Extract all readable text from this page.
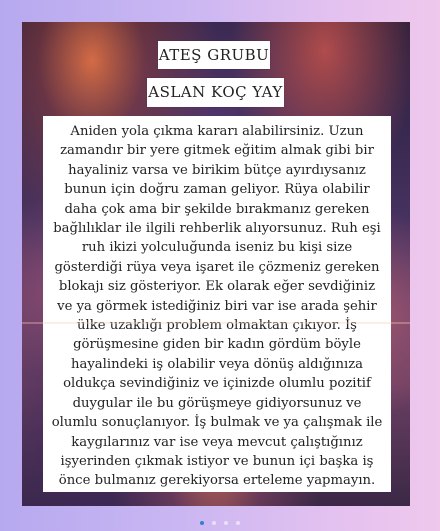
ATEŞ GRUBU
ASLAN KOÇ YAY

Aniden yola çıkma kararı alabilirsiniz. Uzun zamandır bir yere gitmek eğitim almak gibi bir hayaliniz varsa ve birikim bütçe ayırdıysanız bunun için doğru zaman geliyor. Rüya olabilir daha çok ama bir şekilde bırakmanız gereken bağlılıklar ile ilgili rehberlik alıyorsunuz. Ruh eşi ruh ikizi yolculuğunda iseniz bu kişi size gösterdiği rüya veya işaret ile çözmeniz gereken blokajı siz gösteriyor. Ek olarak eğer sevdiğiniz ve ya görmek istediğiniz biri var ise arada şehir ülke uzaklığı problem olmaktan çıkıyor. İş görüşmesine giden bir kadın gördüm böyle hayalindeki iş olabilir veya dönüş aldığınıza oldukça sevindiğiniz ve içinizde olumlu pozitif duygular ile bu görüşmeye gidiyorsunuz ve olumlu sonuçlanıyor. İş bulmak ve ya çalışmak ile kaygılarınız var ise veya mevcut çalıştığınız işyerinden çıkmak istiyor ve bunun içi başka iş önce bulmanız gerekiyorsa erteleme yapmayın.
